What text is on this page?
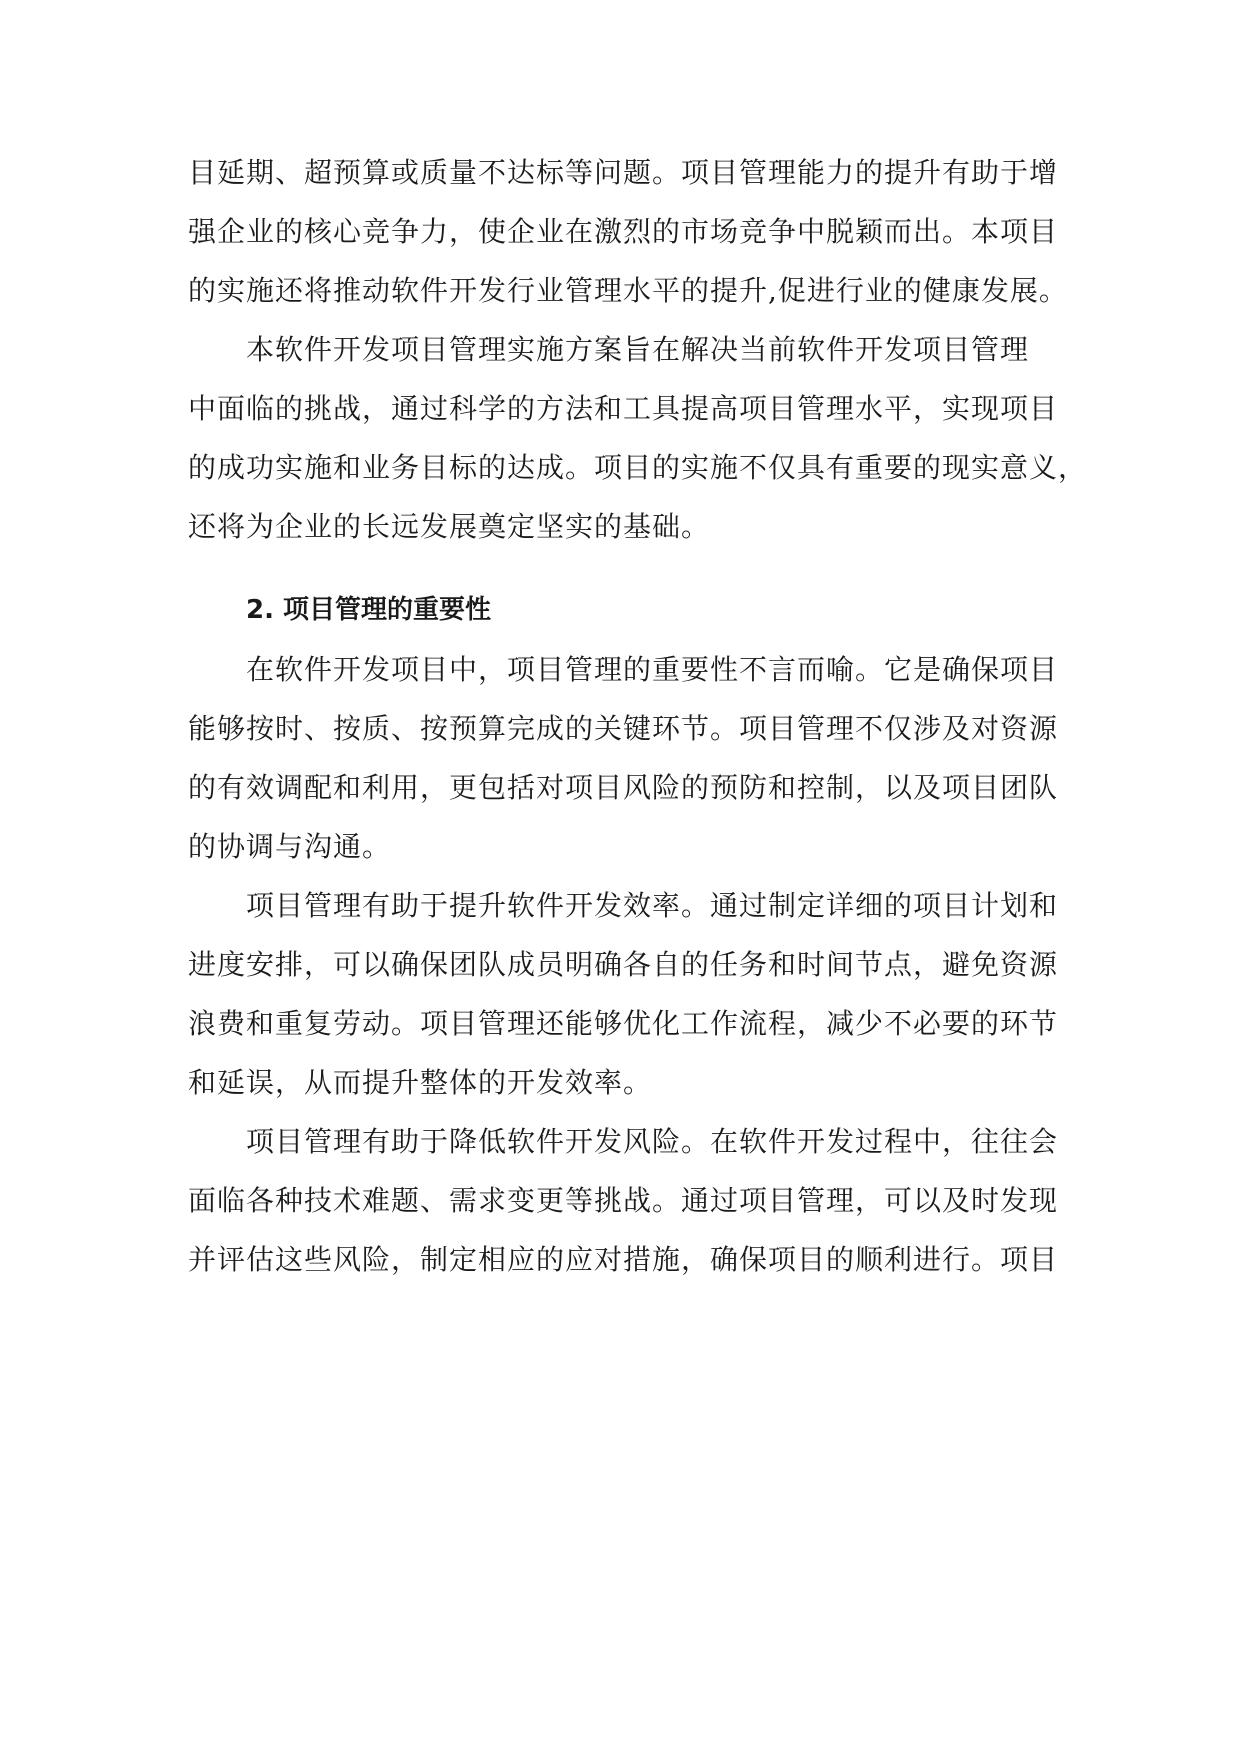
目延期、超预算或质量不达标等问题。项目管理能力的提升有助于增
强企业的核心竞争力，使企业在激烈的市场竞争中脱颖而出。本项目
的实施还将推动软件开发行业管理水平的提升,促进行业的健康发展。
本软件开发项目管理实施方案旨在解决当前软件开发项目管理
中面临的挑战，通过科学的方法和工具提高项目管理水平，实现项目
的成功实施和业务目标的达成。项目的实施不仅具有重要的现实意义，
还将为企业的长远发展奠定坚实的基础。
2. 项目管理的重要性
在软件开发项目中，项目管理的重要性不言而喻。它是确保项目
能够按时、按质、按预算完成的关键环节。项目管理不仅涉及对资源
的有效调配和利用，更包括对项目风险的预防和控制，以及项目团队
的协调与沟通。
项目管理有助于提升软件开发效率。通过制定详细的项目计划和
进度安排，可以确保团队成员明确各自的任务和时间节点，避免资源
浪费和重复劳动。项目管理还能够优化工作流程，减少不必要的环节
和延误，从而提升整体的开发效率。
项目管理有助于降低软件开发风险。在软件开发过程中，往往会
面临各种技术难题、需求变更等挑战。通过项目管理，可以及时发现
并评估这些风险，制定相应的应对措施，确保项目的顺利进行。项目
